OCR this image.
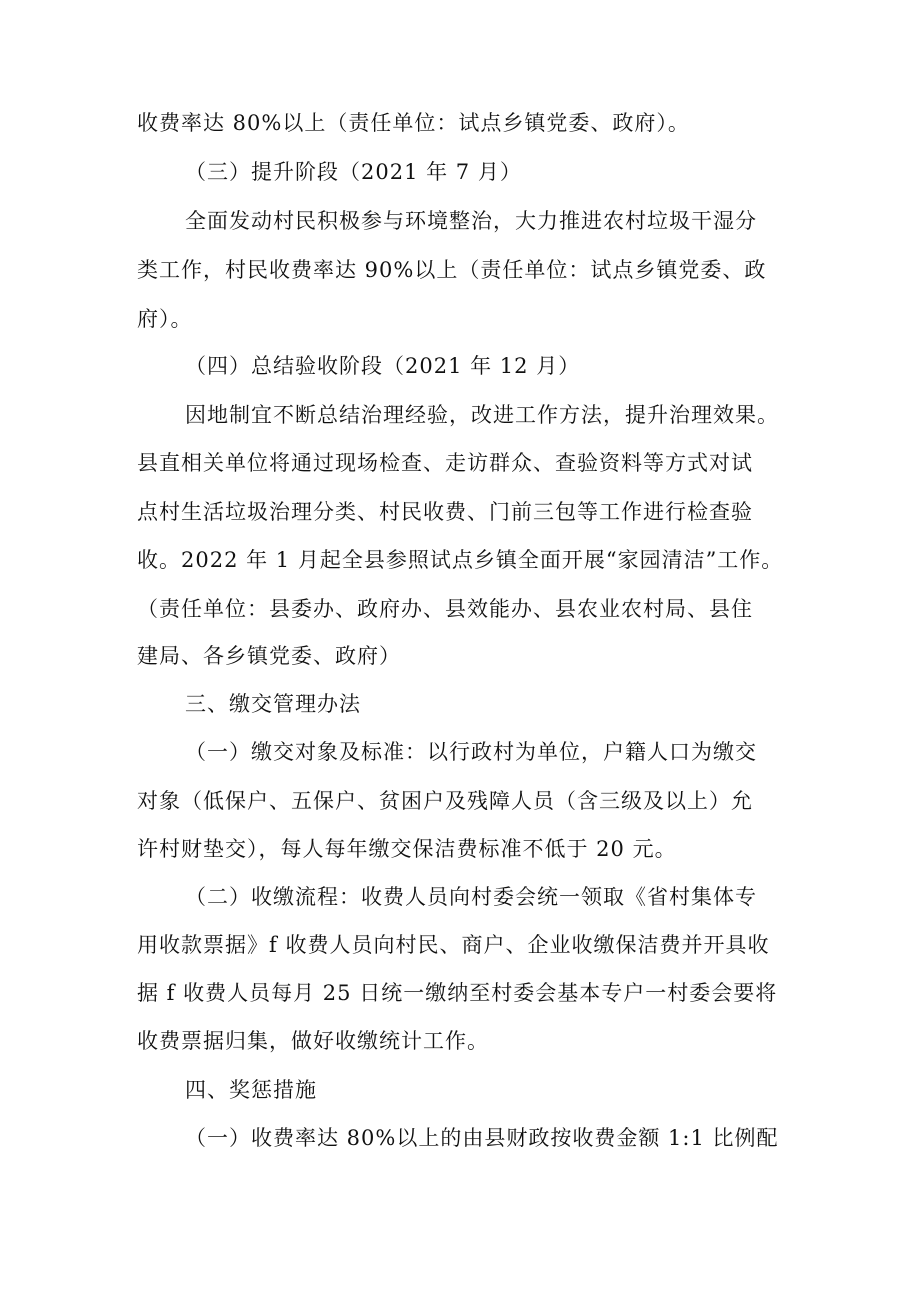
收费率达 80%以上（责任单位：试点乡镇党委、政府）。
（三）提升阶段（2021 年 7 月）
全面发动村民积极参与环境整治，大力推进农村垃圾干湿分
类工作，村民收费率达 90%以上（责任单位：试点乡镇党委、政
府）。
（四）总结验收阶段（2021 年 12 月）
因地制宜不断总结治理经验，改进工作方法，提升治理效果。
县直相关单位将通过现场检查、走访群众、查验资料等方式对试
点村生活垃圾治理分类、村民收费、门前三包等工作进行检查验
收。2022 年 1 月起全县参照试点乡镇全面开展“家园清洁”工作。
（责任单位：县委办、政府办、县效能办、县农业农村局、县住
建局、各乡镇党委、政府）
三、缴交管理办法
（一）缴交对象及标准：以行政村为单位，户籍人口为缴交
对象（低保户、五保户、贫困户及残障人员（含三级及以上）允
许村财垫交），每人每年缴交保洁费标准不低于 20 元。
（二）收缴流程：收费人员向村委会统一领取《省村集体专
用收款票据》f 收费人员向村民、商户、企业收缴保洁费并开具收
据 f 收费人员每月 25 日统一缴纳至村委会基本专户一村委会要将
收费票据归集，做好收缴统计工作。
四、奖惩措施
（一）收费率达 80%以上的由县财政按收费金额 1:1 比例配
